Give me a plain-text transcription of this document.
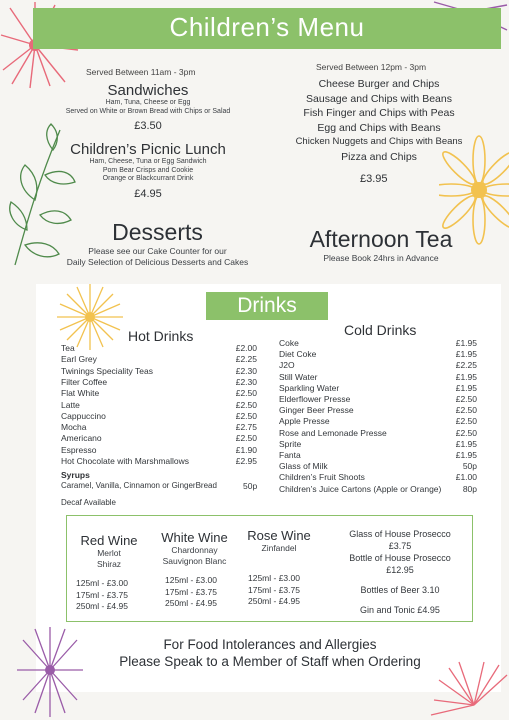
Children’s Menu
Served Between 11am - 3pm
Sandwiches
Ham, Tuna, Cheese or Egg
Served on White or Brown Bread with Chips or Salad
£3.50
Children’s Picnic Lunch
Ham, Cheese, Tuna or Egg Sandwich
Pom Bear Crisps and Cookie
Orange or Blackcurrant Drink
£4.95
Served Between 12pm - 3pm
Cheese Burger and Chips
Sausage and Chips with Beans
Fish Finger and Chips with Peas
Egg and Chips with Beans
Chicken Nuggets and Chips with Beans
Pizza and Chips
£3.95
Desserts
Please see our Cake Counter for our
Daily Selection of Delicious Desserts and Cakes
Afternoon Tea
Please Book 24hrs in Advance
Drinks
Hot Drinks	Cold Drinks
Tea	£2.00
Earl Grey	£2.25
Twinings Speciality Teas	£2.30
Filter Coffee	£2.30
Flat White	£2.50
Latte	£2.50
Cappuccino	£2.50
Mocha	£2.75
Americano	£2.50
Espresso	£1.90
Hot Chocolate with Marshmallows	£2.95
Coke	£1.95
Diet Coke	£1.95
J2O	£2.25
Still Water	£1.95
Sparkling Water	£1.95
Elderflower Presse	£2.50
Ginger Beer Presse	£2.50
Apple Presse	£2.50
Rose and Lemonade Presse	£2.50
Sprite	£1.95
Fanta	£1.95
Glass of Milk	50p
Children’s Fruit Shoots	£1.00
Children’s Juice Cartons (Apple or Orange)	80p
Syrups
Caramel, Vanilla, Cinnamon or GingerBread	50p
Decaf Available
Red Wine
Merlot
Shiraz
125ml - £3.00
175ml - £3.75
250ml - £4.95
White Wine
Chardonnay
Sauvignon Blanc
125ml - £3.00
175ml - £3.75
250ml - £4.95
Rose Wine
Zinfandel
125ml - £3.00
175ml - £3.75
250ml - £4.95
Glass of House Prosecco
£3.75
Bottle of House Prosecco
£12.95
Bottles of Beer 3.10
Gin and Tonic £4.95
For Food Intolerances and Allergies
Please Speak to a Member of Staff when Ordering
